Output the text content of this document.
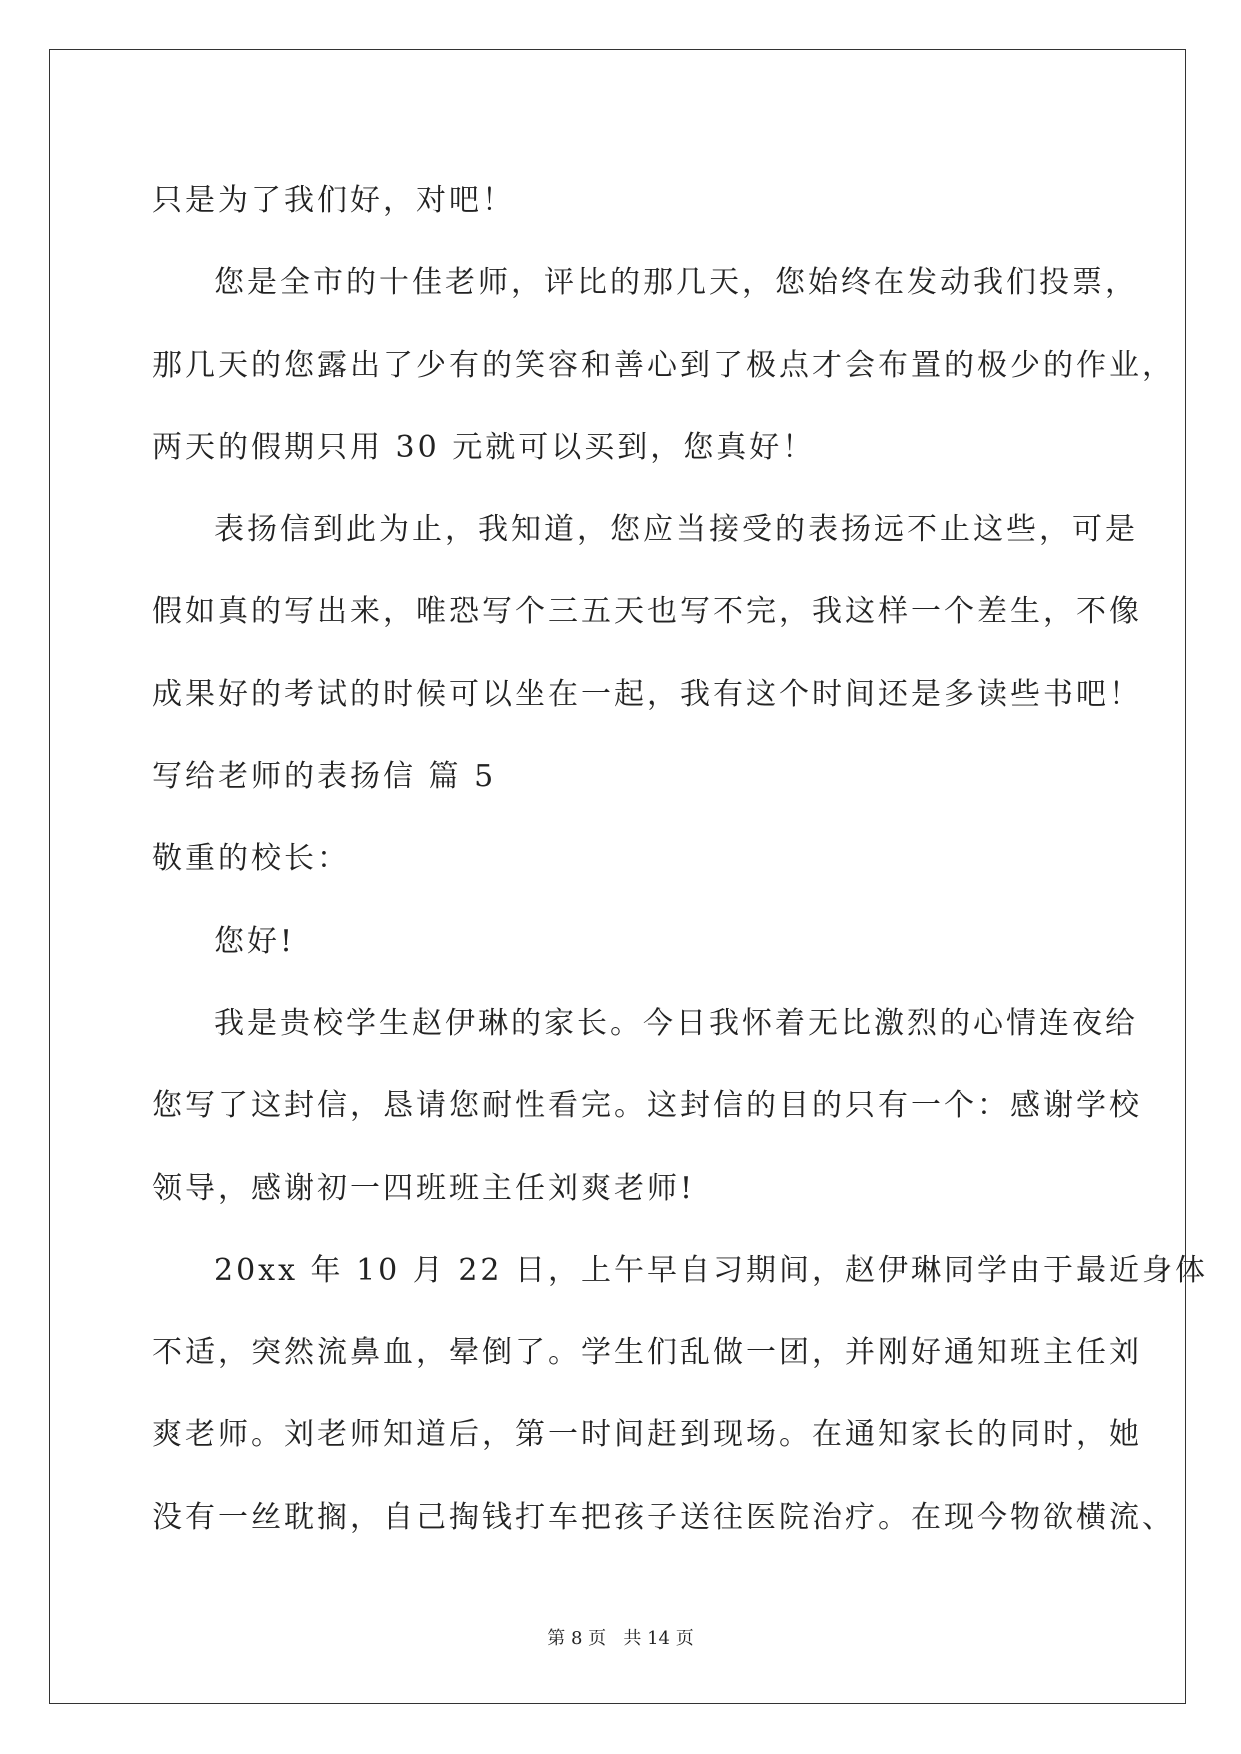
只是为了我们好，对吧！
您是全市的十佳老师，评比的那几天，您始终在发动我们投票，
那几天的您露出了少有的笑容和善心到了极点才会布置的极少的作业，
两天的假期只用 30 元就可以买到，您真好！
表扬信到此为止，我知道，您应当接受的表扬远不止这些，可是
假如真的写出来，唯恐写个三五天也写不完，我这样一个差生，不像
成果好的考试的时候可以坐在一起，我有这个时间还是多读些书吧！
写给老师的表扬信 篇 5
敬重的校长：
您好!
我是贵校学生赵伊琳的家长。今日我怀着无比激烈的心情连夜给
您写了这封信，恳请您耐性看完。这封信的目的只有一个：感谢学校
领导，感谢初一四班班主任刘爽老师!
20xx 年 10 月 22 日，上午早自习期间，赵伊琳同学由于最近身体
不适，突然流鼻血，晕倒了。学生们乱做一团，并刚好通知班主任刘
爽老师。刘老师知道后，第一时间赶到现场。在通知家长的同时，她
没有一丝耽搁，自己掏钱打车把孩子送往医院治疗。在现今物欲横流、
第 8 页   共 14 页
